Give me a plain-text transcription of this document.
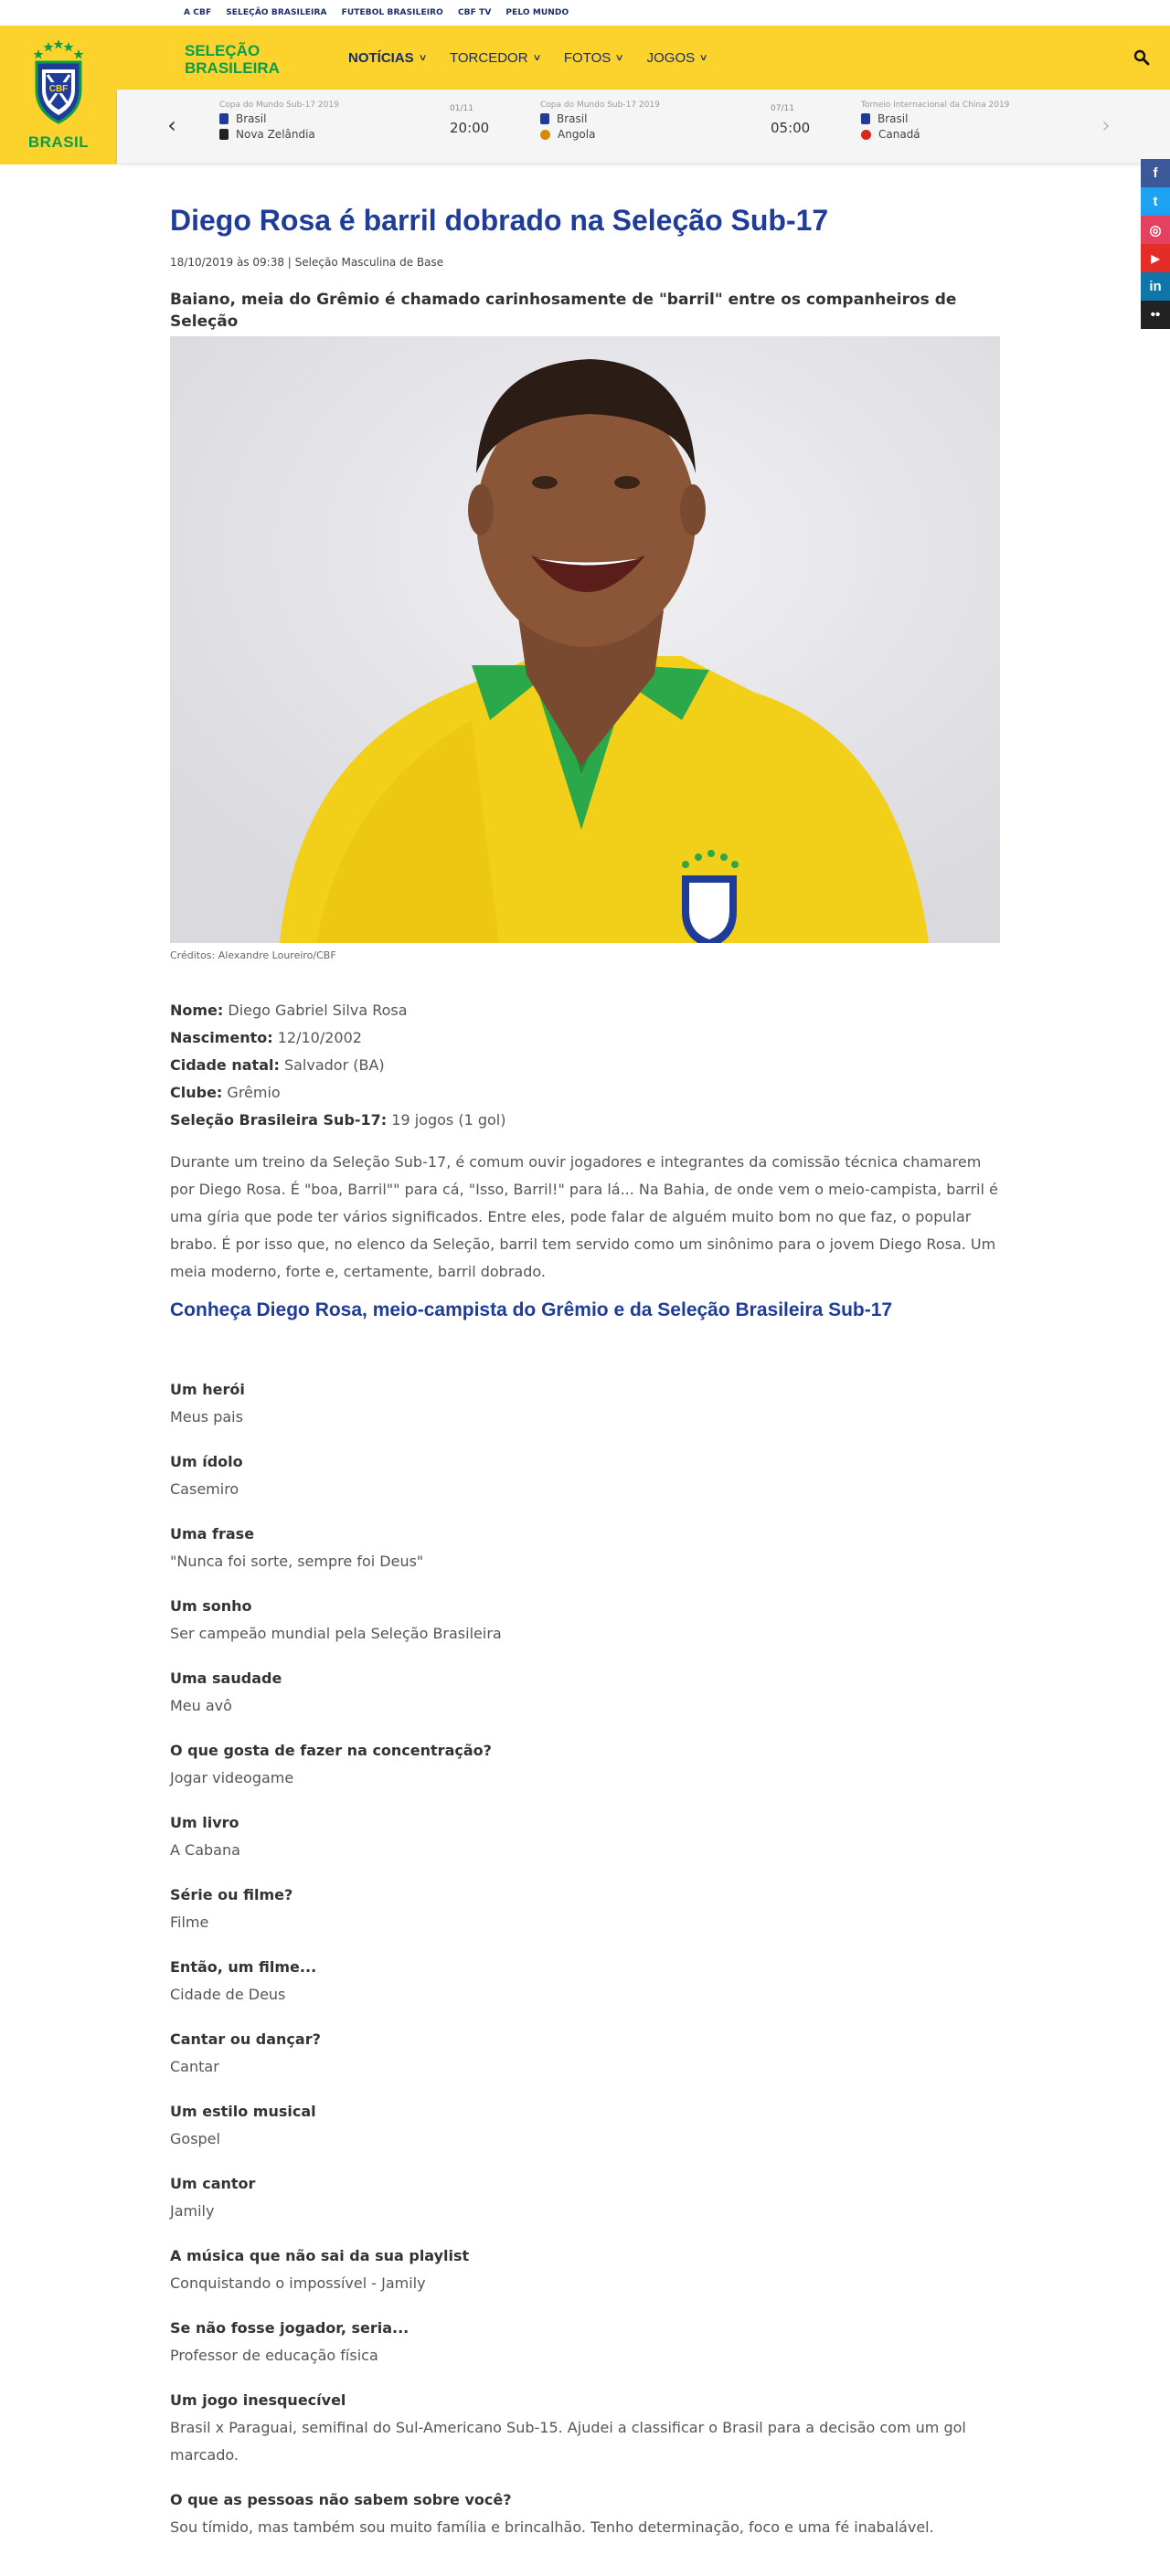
A CBF SELEÇÃO BRASILEIRA FUTEBOL BRASILEIRO CBF TV PELO MUNDO
SELEÇÃO
BRASILEIRA
NOTÍCIAS ∨ TORCEDOR ∨ FOTOS ∨ JOGOS ∨
CBF
BRASIL
‹
Copa do Mundo Sub-17 2019
Brasil
Nova Zelândia
01/11
20:00
Copa do Mundo Sub-17 2019
Brasil
Angola
07/11
05:00
Torneio Internacional da China 2019
Brasil
Canadá	›
f
t
◎
▶
in
••
Diego Rosa é barril dobrado na Seleção Sub-17
18/10/2019 às 09:38 | Seleção Masculina de Base
Baiano, meia do Grêmio é chamado carinhosamente de "barril" entre os companheiros de Seleção
Créditos: Alexandre Loureiro/CBF
Nome: Diego Gabriel Silva Rosa
Nascimento: 12/10/2002
Cidade natal: Salvador (BA)
Clube: Grêmio
Seleção Brasileira Sub-17: 19 jogos (1 gol)

Durante um treino da Seleção Sub-17, é comum ouvir jogadores e integrantes da comissão técnica chamarem por Diego Rosa. É "boa, Barril"" para cá, "Isso, Barril!" para lá... Na Bahia, de onde vem o meio-campista, barril é uma gíria que pode ter vários significados. Entre eles, pode falar de alguém muito bom no que faz, o popular brabo. É por isso que, no elenco da Seleção, barril tem servido como um sinônimo para o jovem Diego Rosa. Um meia moderno, forte e, certamente, barril dobrado.

Conheça Diego Rosa, meio-campista do Grêmio e da Seleção Brasileira Sub-17
Um herói
Meus pais
Um ídolo
Casemiro
Uma frase
"Nunca foi sorte, sempre foi Deus"
Um sonho
Ser campeão mundial pela Seleção Brasileira
Uma saudade
Meu avô
O que gosta de fazer na concentração?
Jogar videogame
Um livro
A Cabana
Série ou filme?
Filme
Então, um filme...
Cidade de Deus
Cantar ou dançar?
Cantar
Um estilo musical
Gospel
Um cantor
Jamily
A música que não sai da sua playlist
Conquistando o impossível - Jamily
Se não fosse jogador, seria...
Professor de educação física
Um jogo inesquecível
Brasil x Paraguai, semifinal do Sul-Americano Sub-15. Ajudei a classificar o Brasil para a decisão com um gol marcado.
O que as pessoas não sabem sobre você?
Sou tímido, mas também sou muito família e brincalhão. Tenho determinação, foco e uma fé inabalável.
